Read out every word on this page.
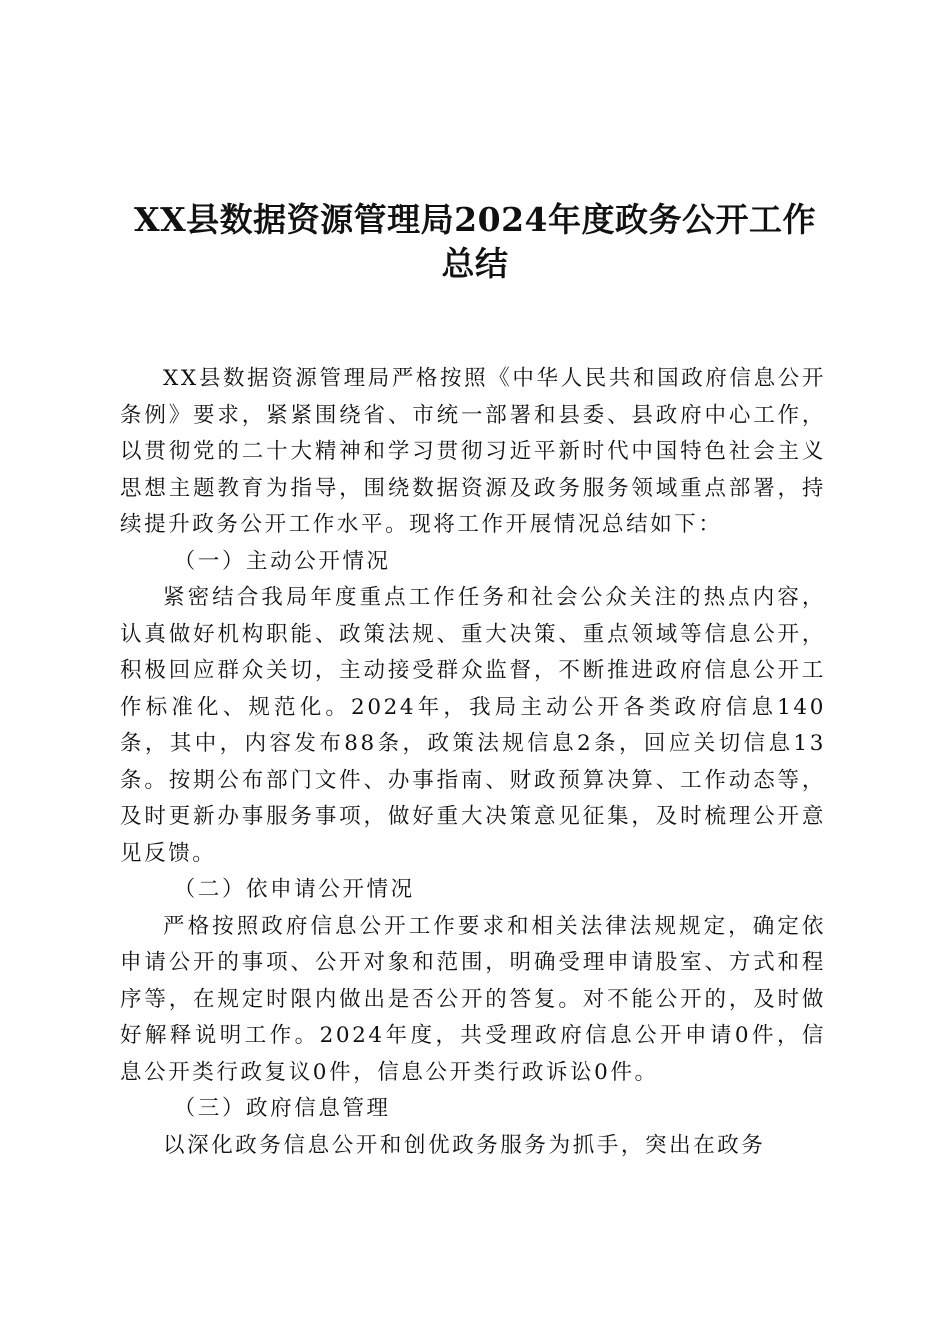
XX县数据资源管理局2024年度政务公开工作
总结

XX县数据资源管理局严格按照《中华人民共和国政府信息公开条例》要求，紧紧围绕省、市统一部署和县委、县政府中心工作，以贯彻党的二十大精神和学习贯彻习近平新时代中国特色社会主义思想主题教育为指导，围绕数据资源及政务服务领域重点部署，持续提升政务公开工作水平。现将工作开展情况总结如下：

（一）主动公开情况

紧密结合我局年度重点工作任务和社会公众关注的热点内容，认真做好机构职能、政策法规、重大决策、重点领域等信息公开，积极回应群众关切，主动接受群众监督，不断推进政府信息公开工作标准化、规范化。2024年，我局主动公开各类政府信息140条，其中，内容发布88条，政策法规信息2条，回应关切信息13条。按期公布部门文件、办事指南、财政预算决算、工作动态等，及时更新办事服务事项，做好重大决策意见征集，及时梳理公开意见反馈。

（二）依申请公开情况

严格按照政府信息公开工作要求和相关法律法规规定，确定依申请公开的事项、公开对象和范围，明确受理申请股室、方式和程序等，在规定时限内做出是否公开的答复。对不能公开的，及时做好解释说明工作。2024年度，共受理政府信息公开申请0件，信息公开类行政复议0件，信息公开类行政诉讼0件。

（三）政府信息管理

以深化政务信息公开和创优政务服务为抓手，突出在政务
